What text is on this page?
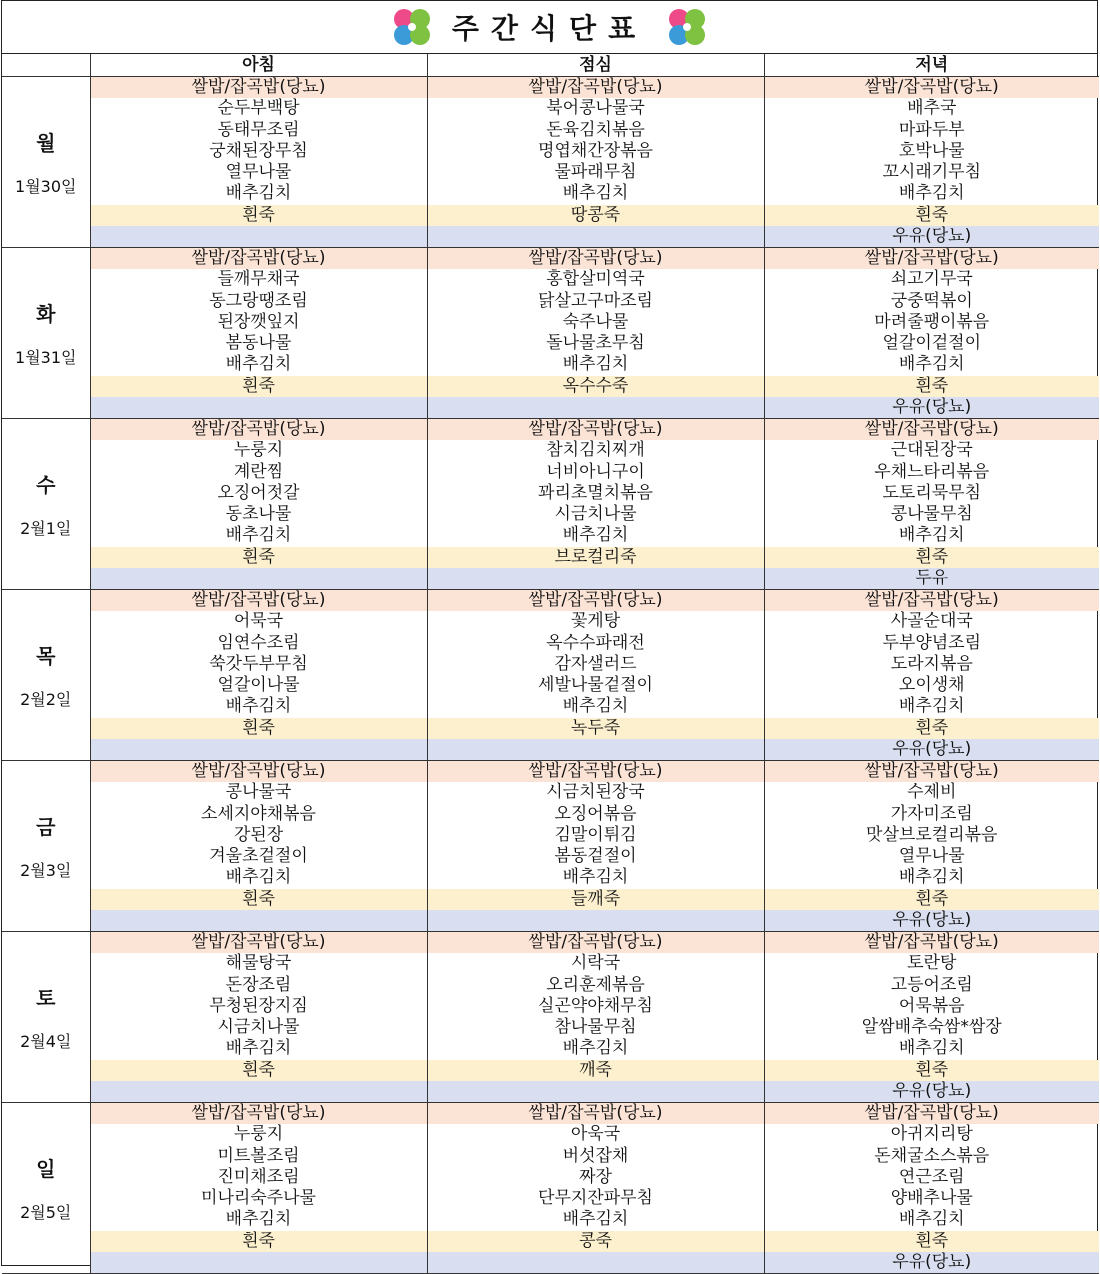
주간식단표
	아침	점심	저녁

월
1월30일	쌀밥/잡곡밥(당뇨)	쌀밥/잡곡밥(당뇨)	쌀밥/잡곡밥(당뇨)
	순두부백탕	북어콩나물국	배추국
	동태무조림	돈육김치볶음	마파두부
	궁채된장무침	명엽채간장볶음	호박나물
	열무나물	물파래무침	꼬시래기무침
	배추김치	배추김치	배추김치
	흰죽	땅콩죽	흰죽
			우유(당뇨)

화
1월31일	쌀밥/잡곡밥(당뇨)	쌀밥/잡곡밥(당뇨)	쌀밥/잡곡밥(당뇨)
	들깨무채국	홍합살미역국	쇠고기무국
	동그랑땡조림	닭살고구마조림	궁중떡볶이
	된장깻잎지	숙주나물	마려줄팽이볶음
	봄동나물	돌나물초무침	얼갈이겉절이
	배추김치	배추김치	배추김치
	흰죽	옥수수죽	흰죽
			우유(당뇨)

수
2월1일	쌀밥/잡곡밥(당뇨)	쌀밥/잡곡밥(당뇨)	쌀밥/잡곡밥(당뇨)
	누룽지	참치김치찌개	근대된장국
	계란찜	너비아니구이	우채느타리볶음
	오징어젓갈	꽈리초멸치볶음	도토리묵무침
	동초나물	시금치나물	콩나물무침
	배추김치	배추김치	배추김치
	흰죽	브로컬리죽	흰죽
			두유

목
2월2일	쌀밥/잡곡밥(당뇨)	쌀밥/잡곡밥(당뇨)	쌀밥/잡곡밥(당뇨)
	어묵국	꽃게탕	사골순대국
	임연수조림	옥수수파래전	두부양념조림
	쑥갓두부무침	감자샐러드	도라지볶음
	얼갈이나물	세발나물겉절이	오이생채
	배추김치	배추김치	배추김치
	흰죽	녹두죽	흰죽
			우유(당뇨)

금
2월3일	쌀밥/잡곡밥(당뇨)	쌀밥/잡곡밥(당뇨)	쌀밥/잡곡밥(당뇨)
	콩나물국	시금치된장국	수제비
	소세지야채볶음	오징어볶음	가자미조림
	강된장	김말이튀김	맛살브로컬리볶음
	겨울초겉절이	봄동겉절이	열무나물
	배추김치	배추김치	배추김치
	흰죽	들깨죽	흰죽
			우유(당뇨)

토
2월4일	쌀밥/잡곡밥(당뇨)	쌀밥/잡곡밥(당뇨)	쌀밥/잡곡밥(당뇨)
	해물탕국	시락국	토란탕
	돈장조림	오리훈제볶음	고등어조림
	무청된장지짐	실곤약야채무침	어묵볶음
	시금치나물	참나물무침	알쌈배추숙쌈*쌈장
	배추김치	배추김치	배추김치
	흰죽	깨죽	흰죽
			우유(당뇨)

일
2월5일	쌀밥/잡곡밥(당뇨)	쌀밥/잡곡밥(당뇨)	쌀밥/잡곡밥(당뇨)
	누룽지	아욱국	아귀지리탕
	미트볼조림	버섯잡채	돈채굴소스볶음
	진미채조림	짜장	연근조림
	미나리숙주나물	단무지잔파무침	양배추나물
	배추김치	배추김치	배추김치
	흰죽	콩죽	흰죽
			우유(당뇨)
